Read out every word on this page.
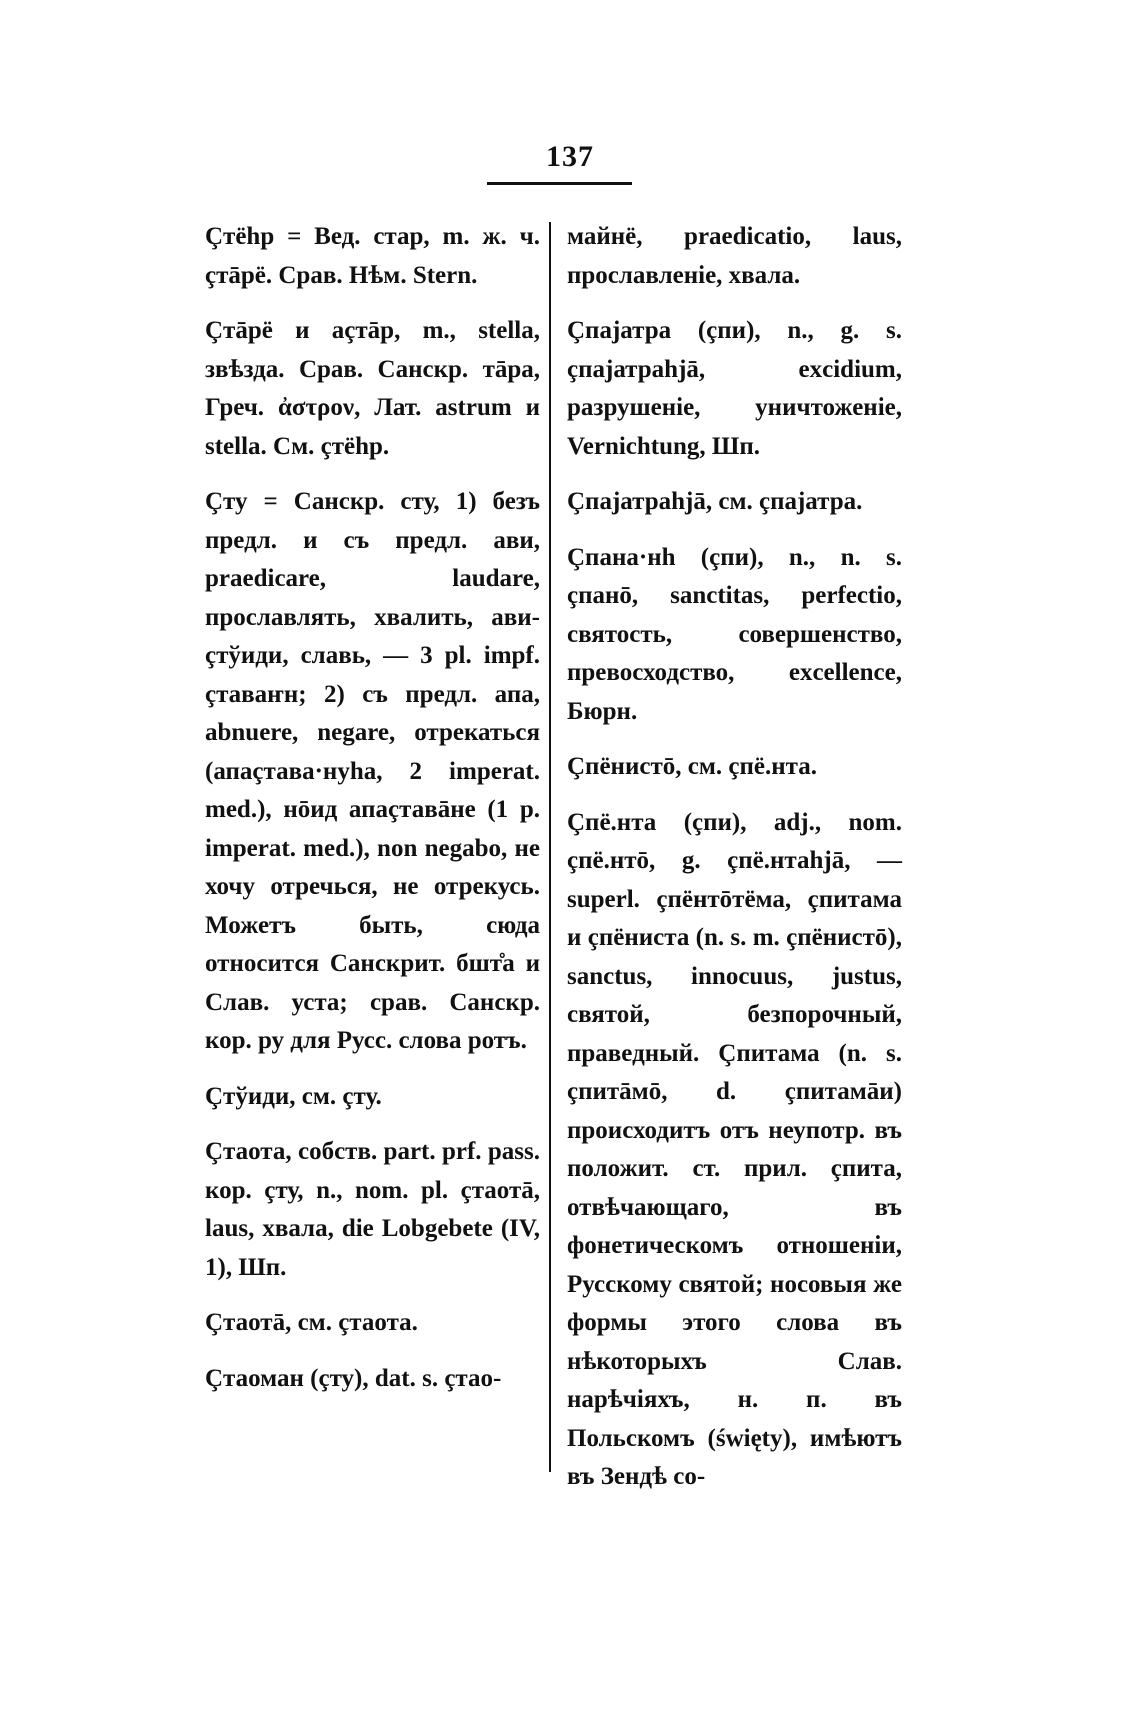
137

Çтёhр = Вед. стар, m. ж. ч. çтāрё. Срав. Нѣм. Stern.

Çтāрё и аçтāр, m., stella, звѣзда. Срав. Санскр. тāра, Греч. ἀστρον, Лат. astrum и stella. См. çтёhр.

Çту = Санскр. сту, 1) безъ предл. и съ предл. ави, praedicare, laudare, прославлять, хвалить, ави-çтўиди, славь, — 3 pl. impf. çтаваҥн; 2) съ предл. апа, abnuere, negare, отрекаться (апаçтава·нуhа, 2 imperat. med.), нōид апаçтавāне (1 p. imperat. med.), non negabo, не хочу отречься, не отрекусь. Можетъ быть, сюда относится Санскрит. бшт̊а и Слав. уста; срав. Санскр. кор. ру для Русс. слова ротъ.

Çтўиди, см. çту.

Çтаота, собств. part. prf. pass. кор. çту, n., nom. pl. çтаотā, laus, хвала, die Lobgebete (IV, 1), Шп.

Çтаотā, см. çтаота.

Çтаоман (çту), dat. s. çтао-

майнё, praedicatio, laus, прославленіе, хвала.

Çпаjатра (çпи), n., g. s. çпаjатраhjā, excidium, разрушеніе, уничтоженіе, Vernichtung, Шп.

Çпаjатраhjā, см. çпаjатра.

Çпана·нh (çпи), n., n. s. çпанō, sanctitas, perfectio, святость, совершенство, превосходство, excellence, Бюрн.

Çпёнистō, см. çпё.нта.

Çпё.нта (çпи), adj., nom. çпё.нтō, g. çпё.нтаhjā, — superl. çпёнтōтёма, çпитама и çпёниста (n. s. m. çпёнистō), sanctus, innocuus, justus, святой, безпорочный, праведный. Çпитама (n. s. çпитāмō, d. çпитамāи) происходитъ отъ неупотр. въ положит. ст. прил. çпита, отвѣчающаго, въ фонетическомъ отношеніи, Русскому святой; носовыя же формы этого слова въ нѣкоторыхъ Слав. нарѣчіяхъ, н. п. въ Польскомъ (święty), имѣютъ въ Зендѣ со-
